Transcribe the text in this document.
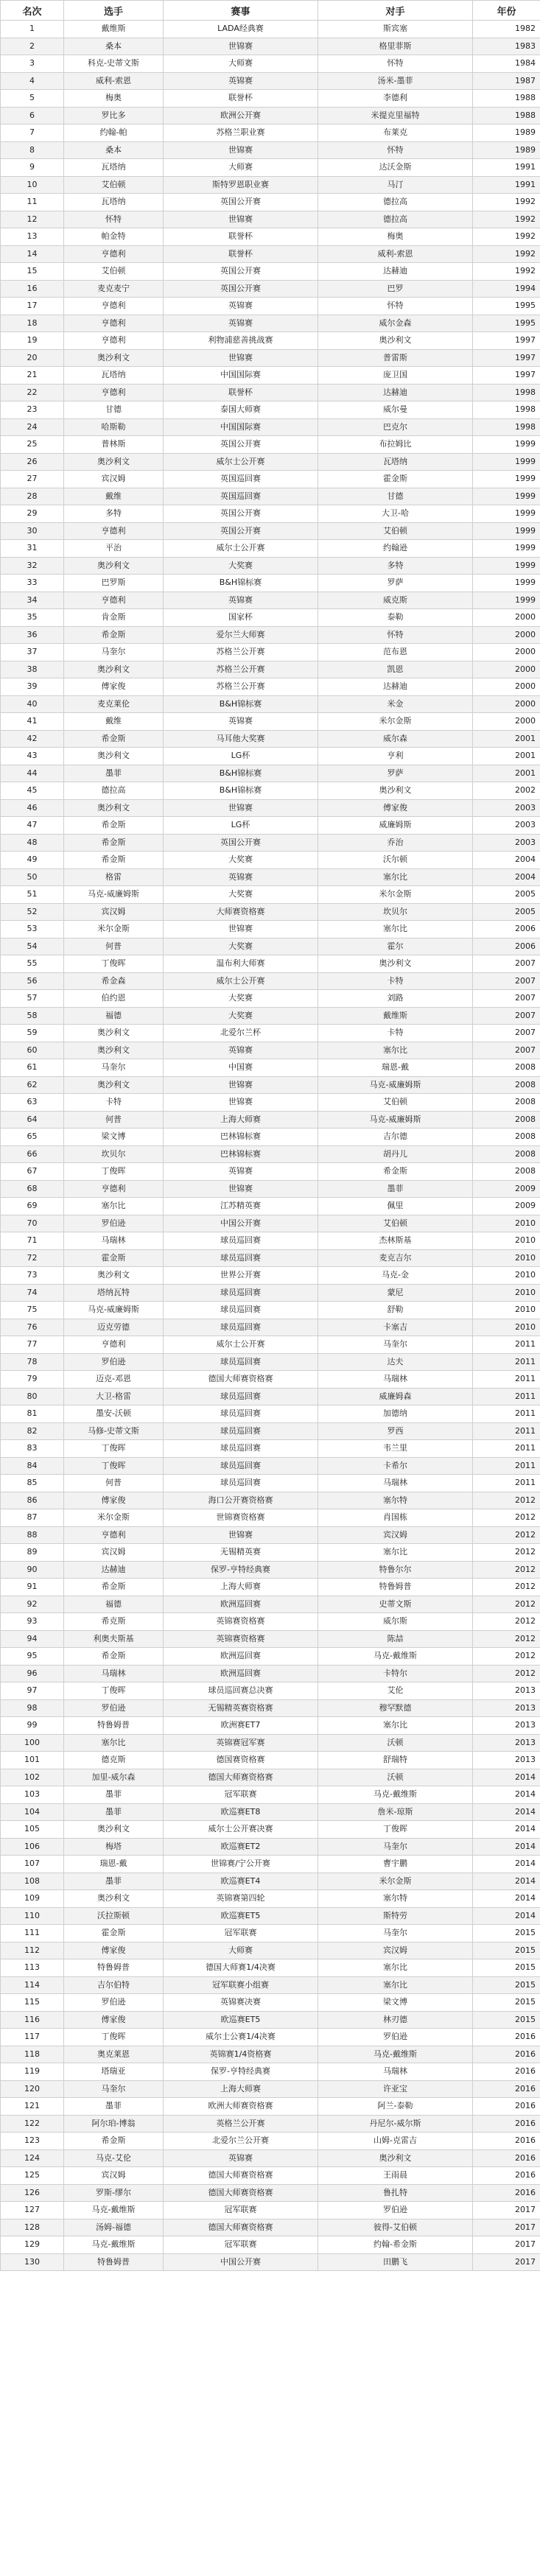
名次	选手	赛事	对手	年份
1	戴维斯	LADA经典赛	斯宾塞	1982
2	桑本	世锦赛	格里菲斯	1983
3	科克-史蒂文斯	大师赛	怀特	1984
4	威利-索恩	英锦赛	汤米-墨菲	1987
5	梅奥	联誉杯	李德利	1988
6	罗比多	欧洲公开赛	米提克里福特	1988
7	约翰-帕	苏格兰职业赛	布莱克	1989
8	桑本	世锦赛	怀特	1989
9	瓦塔纳	大师赛	达沃金斯	1991
10	艾伯顿	斯特罗恩职业赛	马汀	1991
11	瓦塔纳	英国公开赛	德拉高	1992
12	怀特	世锦赛	德拉高	1992
13	帕金特	联誉杯	梅奥	1992
14	亨德利	联誉杯	威利-索恩	1992
15	艾伯顿	英国公开赛	达赫迪	1992
16	麦克麦宁	英国公开赛	巴罗	1994
17	亨德利	英锦赛	怀特	1995
18	亨德利	英锦赛	威尔金森	1995
19	亨德利	利物浦慈善挑战赛	奥沙利文	1997
20	奥沙利文	世锦赛	普雷斯	1997
21	瓦塔纳	中国国际赛	庞卫国	1997
22	亨德利	联誉杯	达赫迪	1998
23	甘德	泰国大师赛	威尔曼	1998
24	哈斯勒	中国国际赛	巴克尔	1998
25	普林斯	英国公开赛	布拉姆比	1999
26	奥沙利文	威尔士公开赛	瓦塔纳	1999
27	宾汉姆	英国巡回赛	霍金斯	1999
28	戴维	英国巡回赛	甘德	1999
29	多特	英国公开赛	大卫-哈	1999
30	亨德利	英国公开赛	艾伯顿	1999
31	平治	威尔士公开赛	约翰逊	1999
32	奥沙利文	大奖赛	多特	1999
33	巴罗斯	B&H锦标赛	罗萨	1999
34	亨德利	英锦赛	威克斯	1999
35	肯金斯	国家杯	泰勒	2000
36	希金斯	爱尔兰大师赛	怀特	2000
37	马奎尔	苏格兰公开赛	范布恩	2000
38	奥沙利文	苏格兰公开赛	凯恩	2000
39	傅家俊	苏格兰公开赛	达赫迪	2000
40	麦克莱伦	B&H锦标赛	米金	2000
41	戴维	英锦赛	米尔金斯	2000
42	希金斯	马耳他大奖赛	威尔森	2001
43	奥沙利文	LG杯	亨利	2001
44	墨菲	B&H锦标赛	罗萨	2001
45	德拉高	B&H锦标赛	奥沙利文	2002
46	奥沙利文	世锦赛	傅家俊	2003
47	希金斯	LG杯	威廉姆斯	2003
48	希金斯	英国公开赛	乔治	2003
49	希金斯	大奖赛	沃尔顿	2004
50	格雷	英锦赛	塞尔比	2004
51	马克-威廉姆斯	大奖赛	米尔金斯	2005
52	宾汉姆	大师赛资格赛	坎贝尔	2005
53	米尔金斯	世锦赛	塞尔比	2006
54	何普	大奖赛	霍尔	2006
55	丁俊晖	温布利大师赛	奥沙利文	2007
56	希金森	威尔士公开赛	卡特	2007
57	伯约恩	大奖赛	刘路	2007
58	福德	大奖赛	戴维斯	2007
59	奥沙利文	北爱尔兰杯	卡特	2007
60	奥沙利文	英锦赛	塞尔比	2007
61	马奎尔	中国赛	瑞恩-戴	2008
62	奥沙利文	世锦赛	马克-威廉姆斯	2008
63	卡特	世锦赛	艾伯顿	2008
64	何普	上海大师赛	马克-威廉姆斯	2008
65	梁文博	巴林锦标赛	吉尔德	2008
66	坎贝尔	巴林锦标赛	胡丹儿	2008
67	丁俊晖	英锦赛	希金斯	2008
68	亨德利	世锦赛	墨菲	2009
69	塞尔比	江苏精英赛	佩里	2009
70	罗伯逊	中国公开赛	艾伯顿	2010
71	马瑞林	球员巡回赛	杰林斯基	2010
72	霍金斯	球员巡回赛	麦克吉尔	2010
73	奥沙利文	世界公开赛	马克-金	2010
74	塔纳瓦特	球员巡回赛	蒙尼	2010
75	马克-威廉姆斯	球员巡回赛	舒勒	2010
76	迈克劳德	球员巡回赛	卡塞吉	2010
77	亨德利	威尔士公开赛	马奎尔	2011
78	罗伯逊	球员巡回赛	达夫	2011
79	迈克-邓恩	德国大师赛资格赛	马瑞林	2011
80	大卫-格雷	球员巡回赛	威廉姆森	2011
81	墨安-沃顿	球员巡回赛	加德纳	2011
82	马修-史蒂文斯	球员巡回赛	罗西	2011
83	丁俊晖	球员巡回赛	韦兰里	2011
84	丁俊晖	球员巡回赛	卡希尔	2011
85	何普	球员巡回赛	马瑞林	2011
86	傅家俊	海口公开赛资格赛	塞尔特	2012
87	米尔金斯	世锦赛资格赛	肖国栋	2012
88	亨德利	世锦赛	宾汉姆	2012
89	宾汉姆	无锡精英赛	塞尔比	2012
90	达赫迪	保罗-亨特经典赛	特鲁尔尔	2012
91	希金斯	上海大师赛	特鲁姆普	2012
92	福德	欧洲巡回赛	史蒂文斯	2012
93	希克斯	英锦赛资格赛	威尔斯	2012
94	利奥夫斯基	英锦赛资格赛	陈喆	2012
95	希金斯	欧洲巡回赛	马克-戴维斯	2012
96	马瑞林	欧洲巡回赛	卡特尔	2012
97	丁俊晖	球员巡回赛总决赛	艾伦	2013
98	罗伯逊	无锡精英赛资格赛	穆罕默德	2013
99	特鲁姆普	欧洲赛ET7	塞尔比	2013
100	塞尔比	英锦赛冠军赛	沃顿	2013
101	德克斯	德国赛资格赛	舒瑞特	2013
102	加里-威尔森	德国大师赛资格赛	沃顿	2014
103	墨菲	冠军联赛	马克-戴维斯	2014
104	墨菲	欧巡赛ET8	詹米-琼斯	2014
105	奥沙利文	威尔士公开赛决赛	丁俊晖	2014
106	梅塔	欧巡赛ET2	马奎尔	2014
107	瑞恩-戴	世锦赛/宁公开赛	曹宇鹏	2014
108	墨菲	欧巡赛ET4	米尔金斯	2014
109	奥沙利文	英锦赛第四轮	塞尔特	2014
110	沃拉斯顿	欧巡赛ET5	斯特劳	2014
111	霍金斯	冠军联赛	马奎尔	2015
112	傅家俊	大师赛	宾汉姆	2015
113	特鲁姆普	德国大师赛1/4决赛	塞尔比	2015
114	吉尔伯特	冠军联赛小组赛	塞尔比	2015
115	罗伯逊	英锦赛决赛	梁文博	2015
116	傅家俊	欧巡赛ET5	林刃德	2015
117	丁俊晖	威尔士公赛1/4决赛	罗伯逊	2016
118	奥克莱恩	英锦赛1/4资格赛	马克-戴维斯	2016
119	塔瑞亚	保罗-亨特经典赛	马瑞林	2016
120	马奎尔	上海大师赛	许亚宝	2016
121	墨菲	欧洲大师赛资格赛	阿兰-泰勒	2016
122	阿尔珀-博翁	英格兰公开赛	丹尼尔-威尔斯	2016
123	希金斯	北爱尔兰公开赛	山姆-克雷吉	2016
124	马克-艾伦	英锦赛	奥沙利文	2016
125	宾汉姆	德国大师赛资格赛	王雨晨	2016
126	罗斯-缪尔	德国大师赛资格赛	鲁扎特	2016
127	马克-戴维斯	冠军联赛	罗伯逊	2017
128	汤姆-福德	德国大师赛资格赛	彼得-艾伯顿	2017
129	马克-戴维斯	冠军联赛	约翰-希金斯	2017
130	特鲁姆普	中国公开赛	田鹏飞	2017
